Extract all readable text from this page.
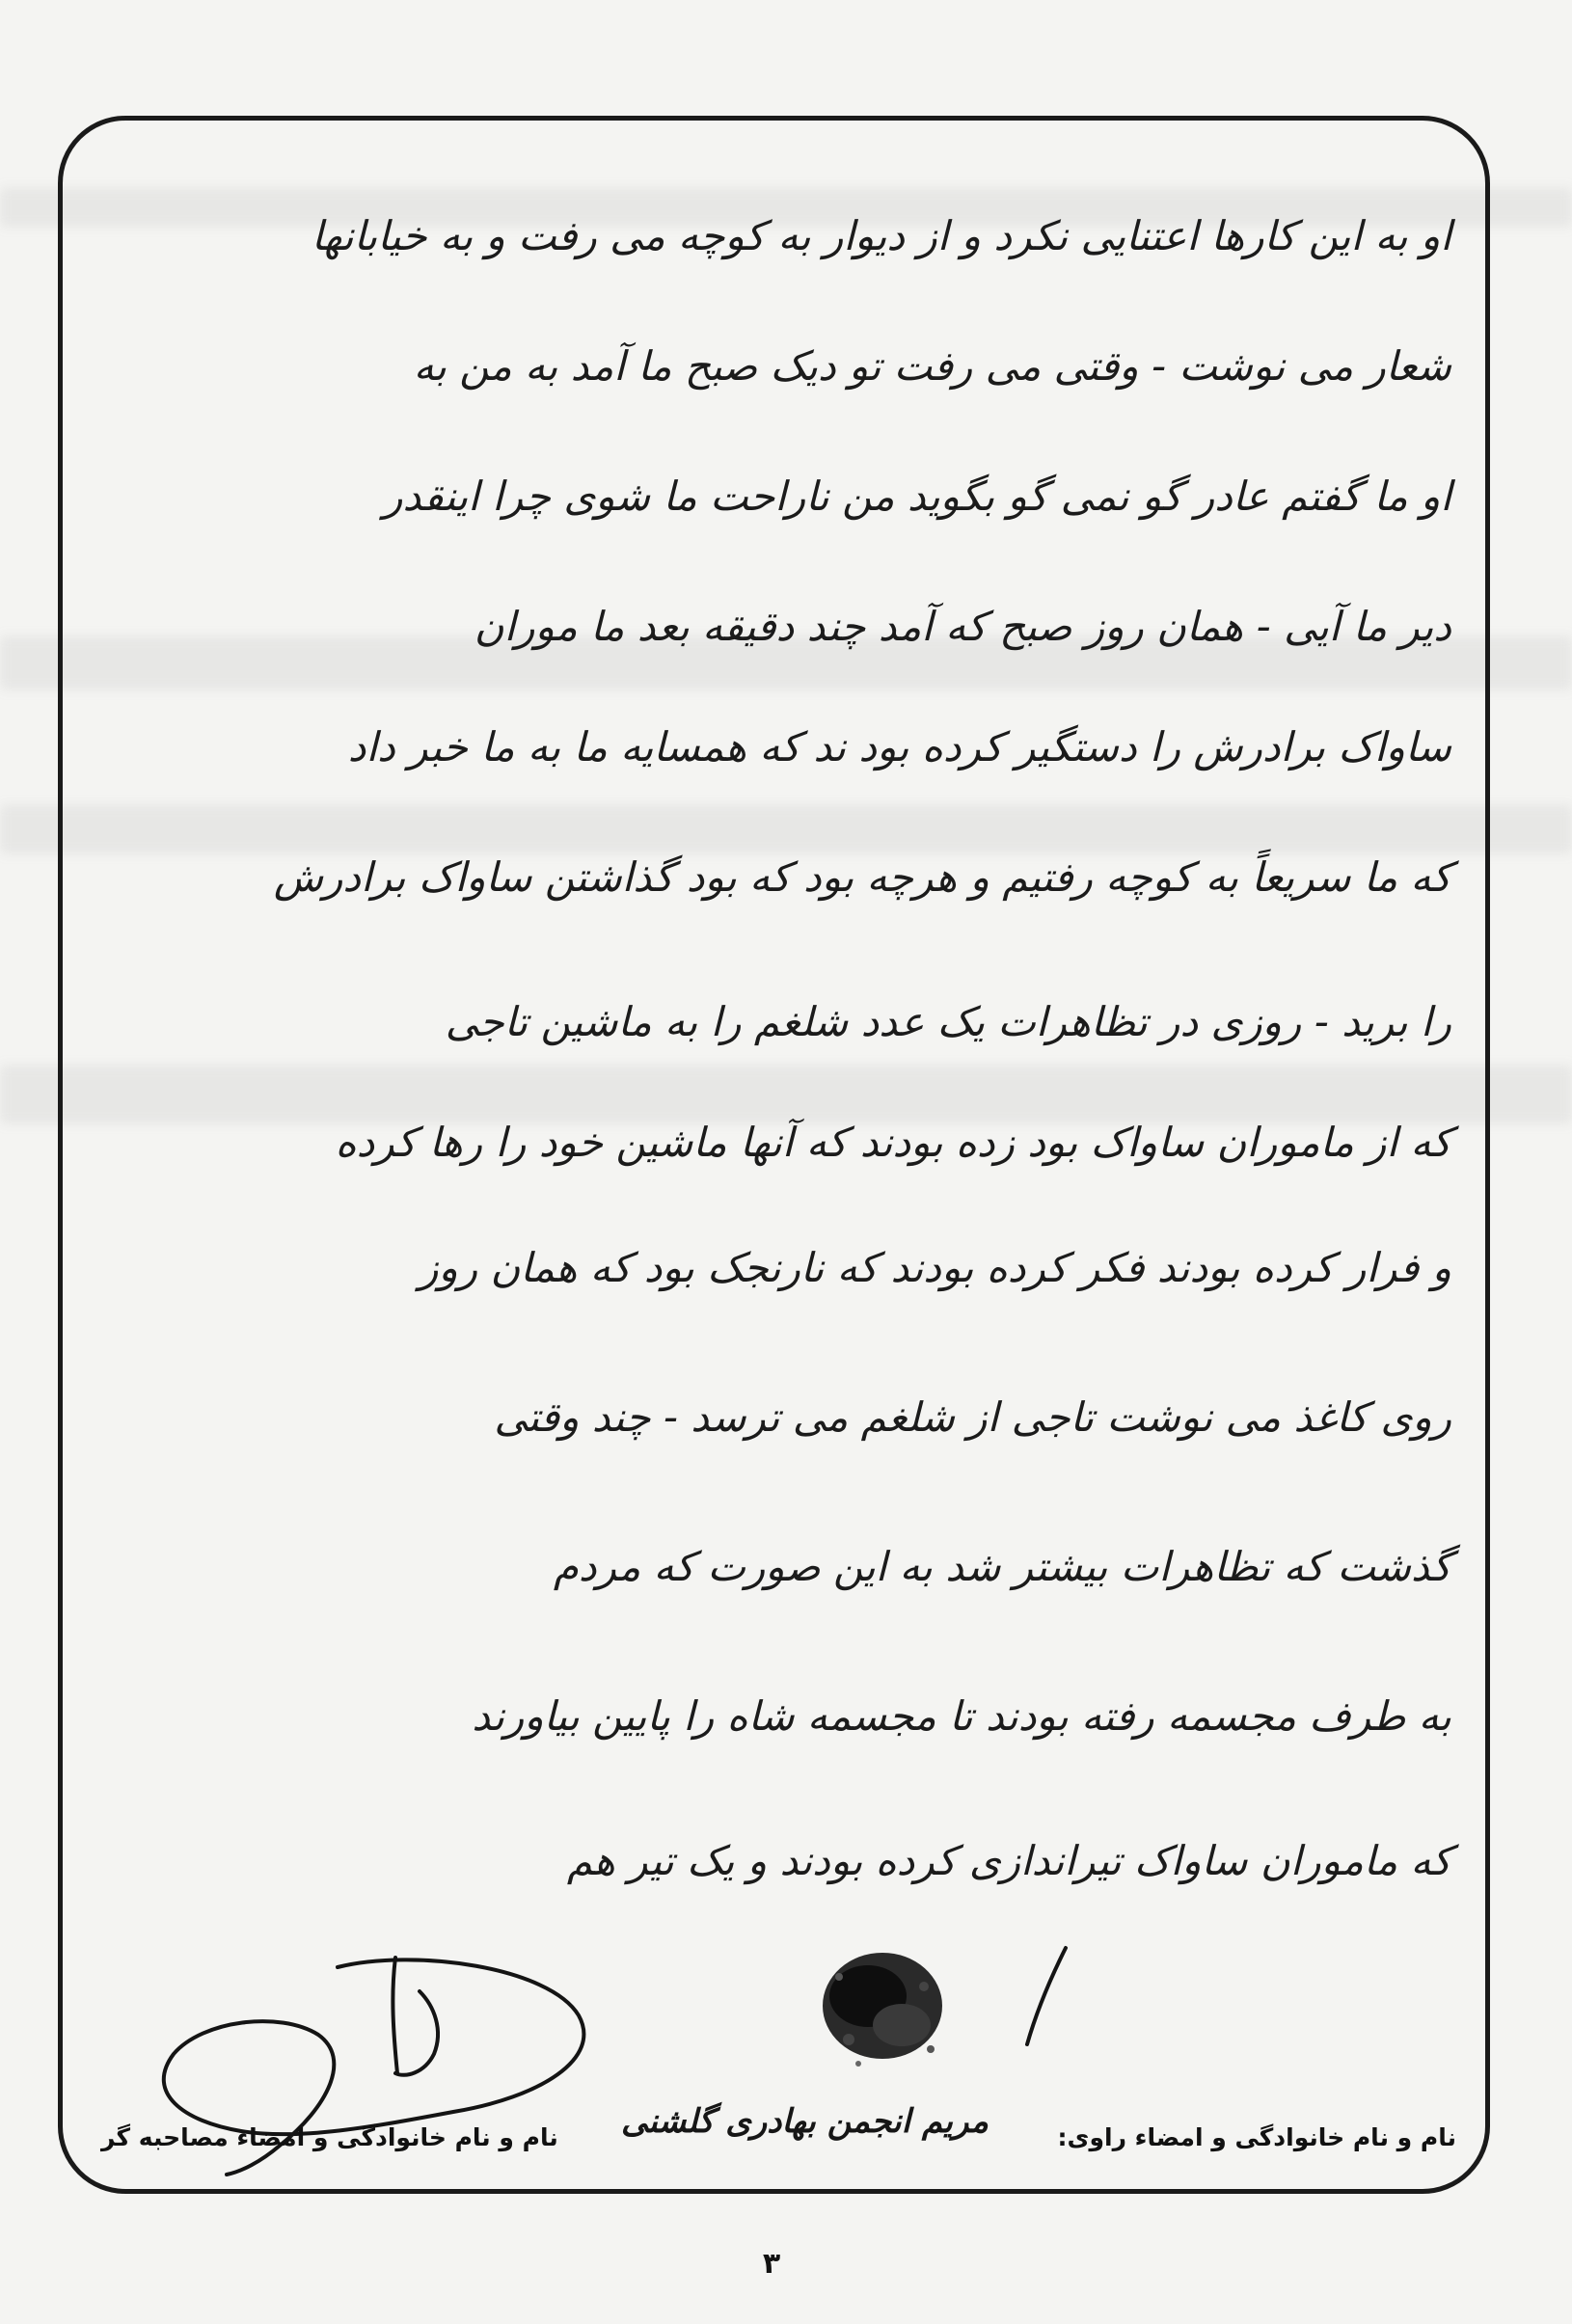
او به این کارها اعتنایی نکرد و از دیوار به کوچه می رفت و به خیابانها
شعار می نوشت - وقتی می رفت تو دیک صبح ما آمد به من به
او ما گفتم عادر گو نمی گو بگوید من ناراحت ما شوی چرا اینقدر
دیر ما آیی - همان روز صبح که آمد چند دقیقه بعد ما موران
ساواک برادرش را دستگیر کرده بود ند که همسایه ما به ما خبر داد
که ما سریعاً به کوچه رفتیم و هرچه بود که بود گذاشتن ساواک برادرش
را برید - روزی در تظاهرات یک عدد شلغم را به ماشین تاجی
که از ماموران ساواک بود زده بودند که آنها ماشین خود را رها کرده
و فرار کرده بودند فکر کرده بودند که نارنجک بود که همان روز
روی کاغذ می نوشت تاجی از شلغم می ترسد - چند وقتی
گذشت که تظاهرات بیشتر شد به این صورت که مردم
به طرف مجسمه رفته بودند تا مجسمه شاه را پایین بیاورند
که ماموران ساواک تیراندازی کرده بودند و یک تیر هم
مریم انجمن بهادری گلشنی	نام و نام خانوادگی و امضاء راوی:
نام و نام خانوادگی و امضاء مصاحبه گر
۳
